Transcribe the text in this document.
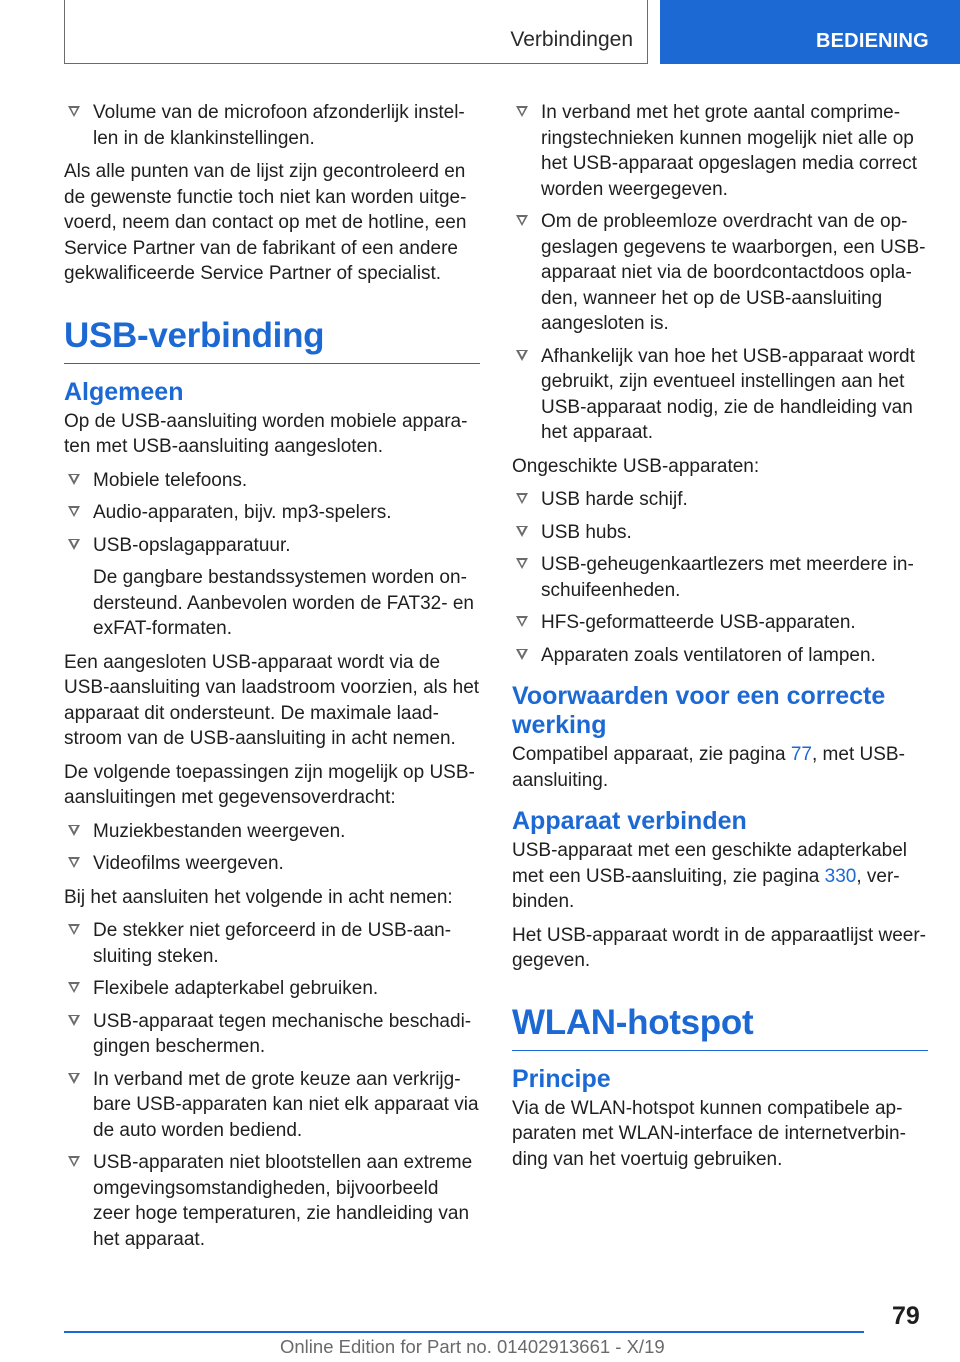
Verbindingen	BEDIENING
Volume van de microfoon afzonderlijk instellen in de klankinstellingen.

Als alle punten van de lijst zijn gecontroleerd en de gewenste functie toch niet kan worden uitgevoerd, neem dan contact op met de hotline, een Service Partner van de fabrikant of een andere gekwalificeerde Service Partner of specialist.

USB-verbinding
Algemeen

Op de USB-aansluiting worden mobiele apparaten met USB-aansluiting aangesloten.

Mobiele telefoons.
Audio-apparaten, bijv. mp3-spelers.
USB-opslagapparatuur.
De gangbare bestandssystemen worden ondersteund. Aanbevolen worden de FAT32- en exFAT-formaten.

Een aangesloten USB-apparaat wordt via de USB-aansluiting van laadstroom voorzien, als het apparaat dit ondersteunt. De maximale laadstroom van de USB-aansluiting in acht nemen.

De volgende toepassingen zijn mogelijk op USB-aansluitingen met gegevensoverdracht:

Muziekbestanden weergeven.
Videofilms weergeven.

Bij het aansluiten het volgende in acht nemen:

De stekker niet geforceerd in de USB-aansluiting steken.
Flexibele adapterkabel gebruiken.
USB-apparaat tegen mechanische beschadigingen beschermen.
In verband met de grote keuze aan verkrijgbare USB-apparaten kan niet elk apparaat via de auto worden bediend.
USB-apparaten niet blootstellen aan extreme omgevingsomstandigheden, bijvoorbeeld zeer hoge temperaturen, zie handleiding van het apparaat.
In verband met het grote aantal comprimeringstechnieken kunnen mogelijk niet alle op het USB-apparaat opgeslagen media correct worden weergegeven.
Om de probleemloze overdracht van de opgeslagen gegevens te waarborgen, een USB-apparaat niet via de boordcontactdoos opladen, wanneer het op de USB-aansluiting aangesloten is.
Afhankelijk van hoe het USB-apparaat wordt gebruikt, zijn eventueel instellingen aan het USB-apparaat nodig, zie de handleiding van het apparaat.

Ongeschikte USB-apparaten:

USB harde schijf.
USB hubs.
USB-geheugenkaartlezers met meerdere inschuifeenheden.
HFS-geformatteerde USB-apparaten.
Apparaten zoals ventilatoren of lampen.
Voorwaarden voor een correcte werking

Compatibel apparaat, zie pagina 77, met USB-aansluiting.

Apparaat verbinden

USB-apparaat met een geschikte adapterkabel met een USB-aansluiting, zie pagina 330, verbinden.

Het USB-apparaat wordt in de apparaatlijst weergegeven.

WLAN-hotspot
Principe

Via de WLAN-hotspot kunnen compatibele apparaten met WLAN-interface de internetverbinding van het voertuig gebruiken.

79
Online Edition for Part no. 01402913661 - X/19
